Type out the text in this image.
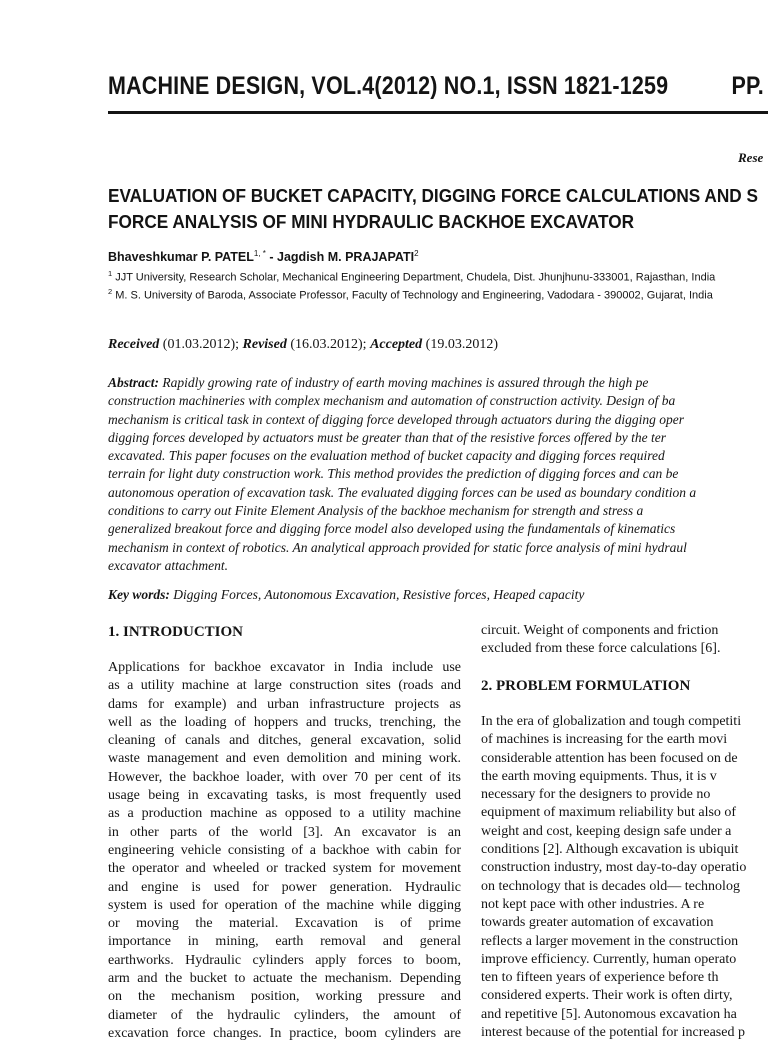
MACHINE DESIGN, VOL.4(2012) NO.1, ISSN 1821-1259	PP.
Rese
EVALUATION OF BUCKET CAPACITY, DIGGING FORCE CALCULATIONS AND S
FORCE ANALYSIS OF MINI HYDRAULIC BACKHOE EXCAVATOR
Bhaveshkumar P. $PATEL^{1, *}$ - Jagdish M. PRAJAPATI$^2$
$^1$ JJT University, Research Scholar, Mechanical Engineering Department, Chudela, Dist. Jhunjhunu-333001, Rajasthan, India
$^2$ M. S. University of Baroda, Associate Professor, Faculty of Technology and Engineering, Vadodara - 390002, Gujarat, India
Received (01.03.2012); Revised (16.03.2012); Accepted (19.03.2012)
Abstract: Rapidly growing rate of industry of earth moving machines is assured through the high pe
construction machineries with complex mechanism and automation of construction activity. Design of ba
mechanism is critical task in context of digging force developed through actuators during the digging oper
digging forces developed by actuators must be greater than that of the resistive forces offered by the ter
excavated. This paper focuses on the evaluation method of bucket capacity and digging forces required
terrain for light duty construction work. This method provides the prediction of digging forces and can be
autonomous operation of excavation task. The evaluated digging forces can be used as boundary condition a
conditions to carry out Finite Element Analysis of the backhoe mechanism for strength and stress a
generalized breakout force and digging force model also developed using the fundamentals of kinematics
mechanism in context of robotics. An analytical approach provided for static force analysis of mini hydraul
excavator attachment.
Key words: Digging Forces, Autonomous Excavation, Resistive forces, Heaped capacity
1. INTRODUCTION
Applications for backhoe excavator in India include use
as a utility machine at large construction sites (roads and
dams for example) and urban infrastructure projects as
well as the loading of hoppers and trucks, trenching, the
cleaning of canals and ditches, general excavation, solid
waste management and even demolition and mining work.
However, the backhoe loader, with over 70 per cent of its
usage being in excavating tasks, is most frequently used
as a production machine as opposed to a utility machine
in other parts of the world [3]. An excavator is an
engineering vehicle consisting of a backhoe with cabin for
the operator and wheeled or tracked system for movement
and engine is used for power generation. Hydraulic
system is used for operation of the machine while digging
or moving the material. Excavation is of prime
importance in mining, earth removal and general
earthworks. Hydraulic cylinders apply forces to boom,
arm and the bucket to actuate the mechanism. Depending
on the mechanism position, working pressure and
diameter of the hydraulic cylinders, the amount of
excavation force changes. In practice, boom cylinders are
circuit. Weight of components and friction
excluded from these force calculations [6].
2. PROBLEM FORMULATION
In the era of globalization and tough competiti
of machines is increasing for the earth movi
considerable attention has been focused on de
the earth moving equipments. Thus, it is v
necessary for the designers to provide no
equipment of maximum reliability but also of
weight and cost, keeping design safe under a
conditions [2]. Although excavation is ubiquit
construction industry, most day-to-day operatio
on technology that is decades old— technolog
not kept pace with other industries. A re
towards greater automation of excavation
reflects a larger movement in the construction
improve efficiency. Currently, human operato
ten to fifteen years of experience before th
considered experts. Their work is often dirty,
and repetitive [5]. Autonomous excavation ha
interest because of the potential for increased p
